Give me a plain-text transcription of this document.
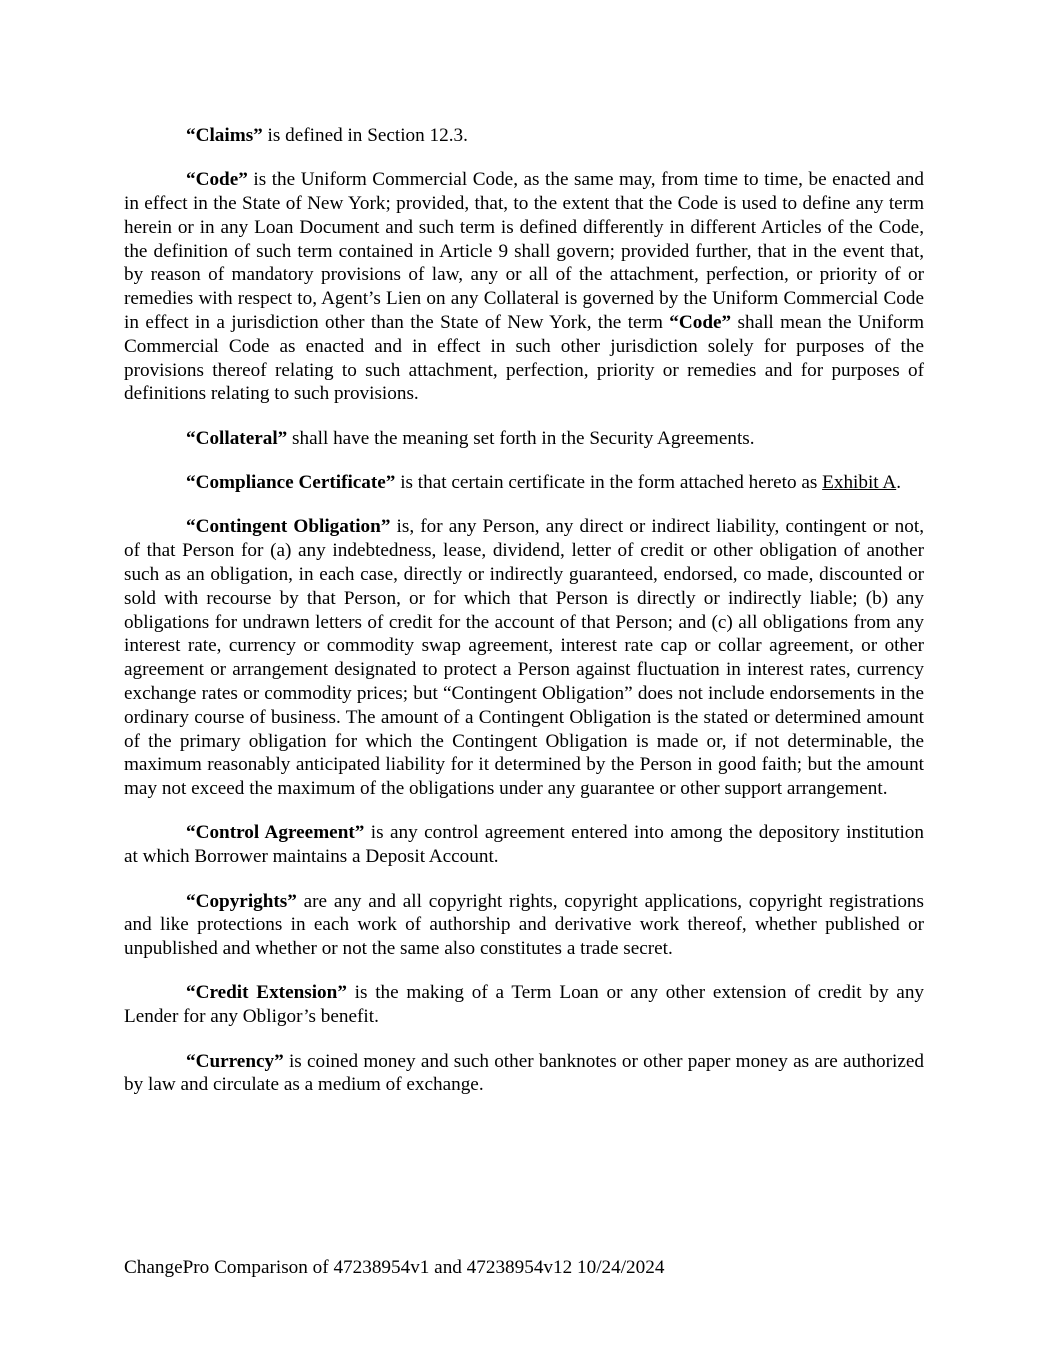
“Claims” is defined in Section 12.3.

“Code” is the Uniform Commercial Code, as the same may, from time to time, be enacted and in effect in the State of New York; provided, that, to the extent that the Code is used to define any term herein or in any Loan Document and such term is defined differently in different Articles of the Code, the definition of such term contained in Article 9 shall govern; provided further, that in the event that, by reason of mandatory provisions of law, any or all of the attachment, perfection, or priority of or remedies with respect to, Agent’s Lien on any Collateral is governed by the Uniform Commercial Code in effect in a jurisdiction other than the State of New York, the term “Code” shall mean the Uniform Commercial Code as enacted and in effect in such other jurisdiction solely for purposes of the provisions thereof relating to such attachment, perfection, priority or remedies and for purposes of definitions relating to such provisions.

“Collateral” shall have the meaning set forth in the Security Agreements.

“Compliance Certificate” is that certain certificate in the form attached hereto as Exhibit A.

“Contingent Obligation” is, for any Person, any direct or indirect liability, contingent or not, of that Person for (a) any indebtedness, lease, dividend, letter of credit or other obligation of another such as an obligation, in each case, directly or indirectly guaranteed, endorsed, co made, discounted or sold with recourse by that Person, or for which that Person is directly or indirectly liable; (b) any obligations for undrawn letters of credit for the account of that Person; and (c) all obligations from any interest rate, currency or commodity swap agreement, interest rate cap or collar agreement, or other agreement or arrangement designated to protect a Person against fluctuation in interest rates, currency exchange rates or commodity prices; but “Contingent Obligation” does not include endorsements in the ordinary course of business. The amount of a Contingent Obligation is the stated or determined amount of the primary obligation for which the Contingent Obligation is made or, if not determinable, the maximum reasonably anticipated liability for it determined by the Person in good faith; but the amount may not exceed the maximum of the obligations under any guarantee or other support arrangement.

“Control Agreement” is any control agreement entered into among the depository institution at which Borrower maintains a Deposit Account.

“Copyrights” are any and all copyright rights, copyright applications, copyright registrations and like protections in each work of authorship and derivative work thereof, whether published or unpublished and whether or not the same also constitutes a trade secret.

“Credit Extension” is the making of a Term Loan or any other extension of credit by any Lender for any Obligor’s benefit.

“Currency” is coined money and such other banknotes or other paper money as are authorized by law and circulate as a medium of exchange.

ChangePro Comparison of 47238954v1 and 47238954v12 10/24/2024
